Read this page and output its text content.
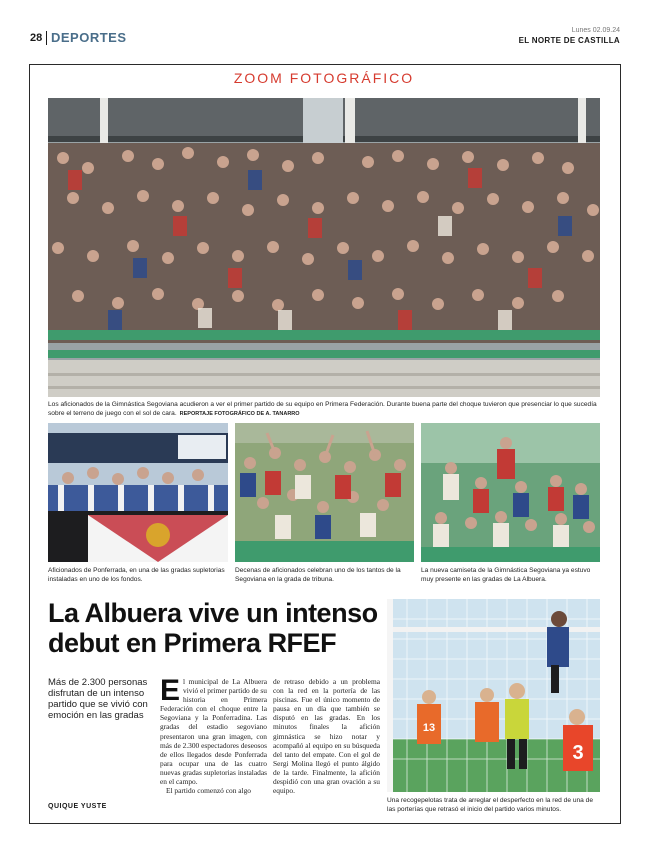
28 DEPORTES	Lunes 02.09.24
EL NORTE DE CASTILLA
ZOOM FOTOGRÁFICO
Los aficionados de la Gimnástica Segoviana acudieron a ver el primer partido de su equipo en Primera Federación. Durante buena parte del choque tuvieron que presenciar lo que sucedía sobre el terreno de juego con el sol de cara. REPORTAJE FOTOGRÁFICO DE A. TANARRO
Aficionados de Ponferrada, en una de las gradas supletorias instaladas en uno de los fondos.
Decenas de aficionados celebran uno de los tantos de la Segoviana en la grada de tribuna.
La nueva camiseta de la Gimnástica Segoviana ya estuvo muy presente en las gradas de La Albuera.
La Albuera vive un intenso
debut en Primera RFEF
Más de 2.300 personas disfrutan de un intenso partido que se vivió con emoción en las gradas
QUIQUE YUSTE

El municipal de La Albuera vivió el primer partido de su historia en Primera Federación con el choque entre la Segoviana y la Ponferradina. Las gradas del estadio segoviano presentaron una gran imagen, con más de 2.300 espectadores deseosos de ellos llegados desde Ponferrada para ocupar una de las cuatro nuevas gradas supletorias instaladas en el campo.

El partido comenzó con algo

de retraso debido a un problema con la red en la portería de las piscinas. Fue el único momento de pausa en un día que también se disputó en las gradas. En los minutos finales la afición gimnástica se hizo notar y acompañó al equipo en su búsqueda del tanto del empate. Con el gol de Sergi Molina llegó el punto álgido de la tarde. Finalmente, la afición despidió con una gran ovación a su equipo.

3
13
Una recogepelotas trata de arreglar el desperfecto en la red de una de las porterías que retrasó el inicio del partido varios minutos.
